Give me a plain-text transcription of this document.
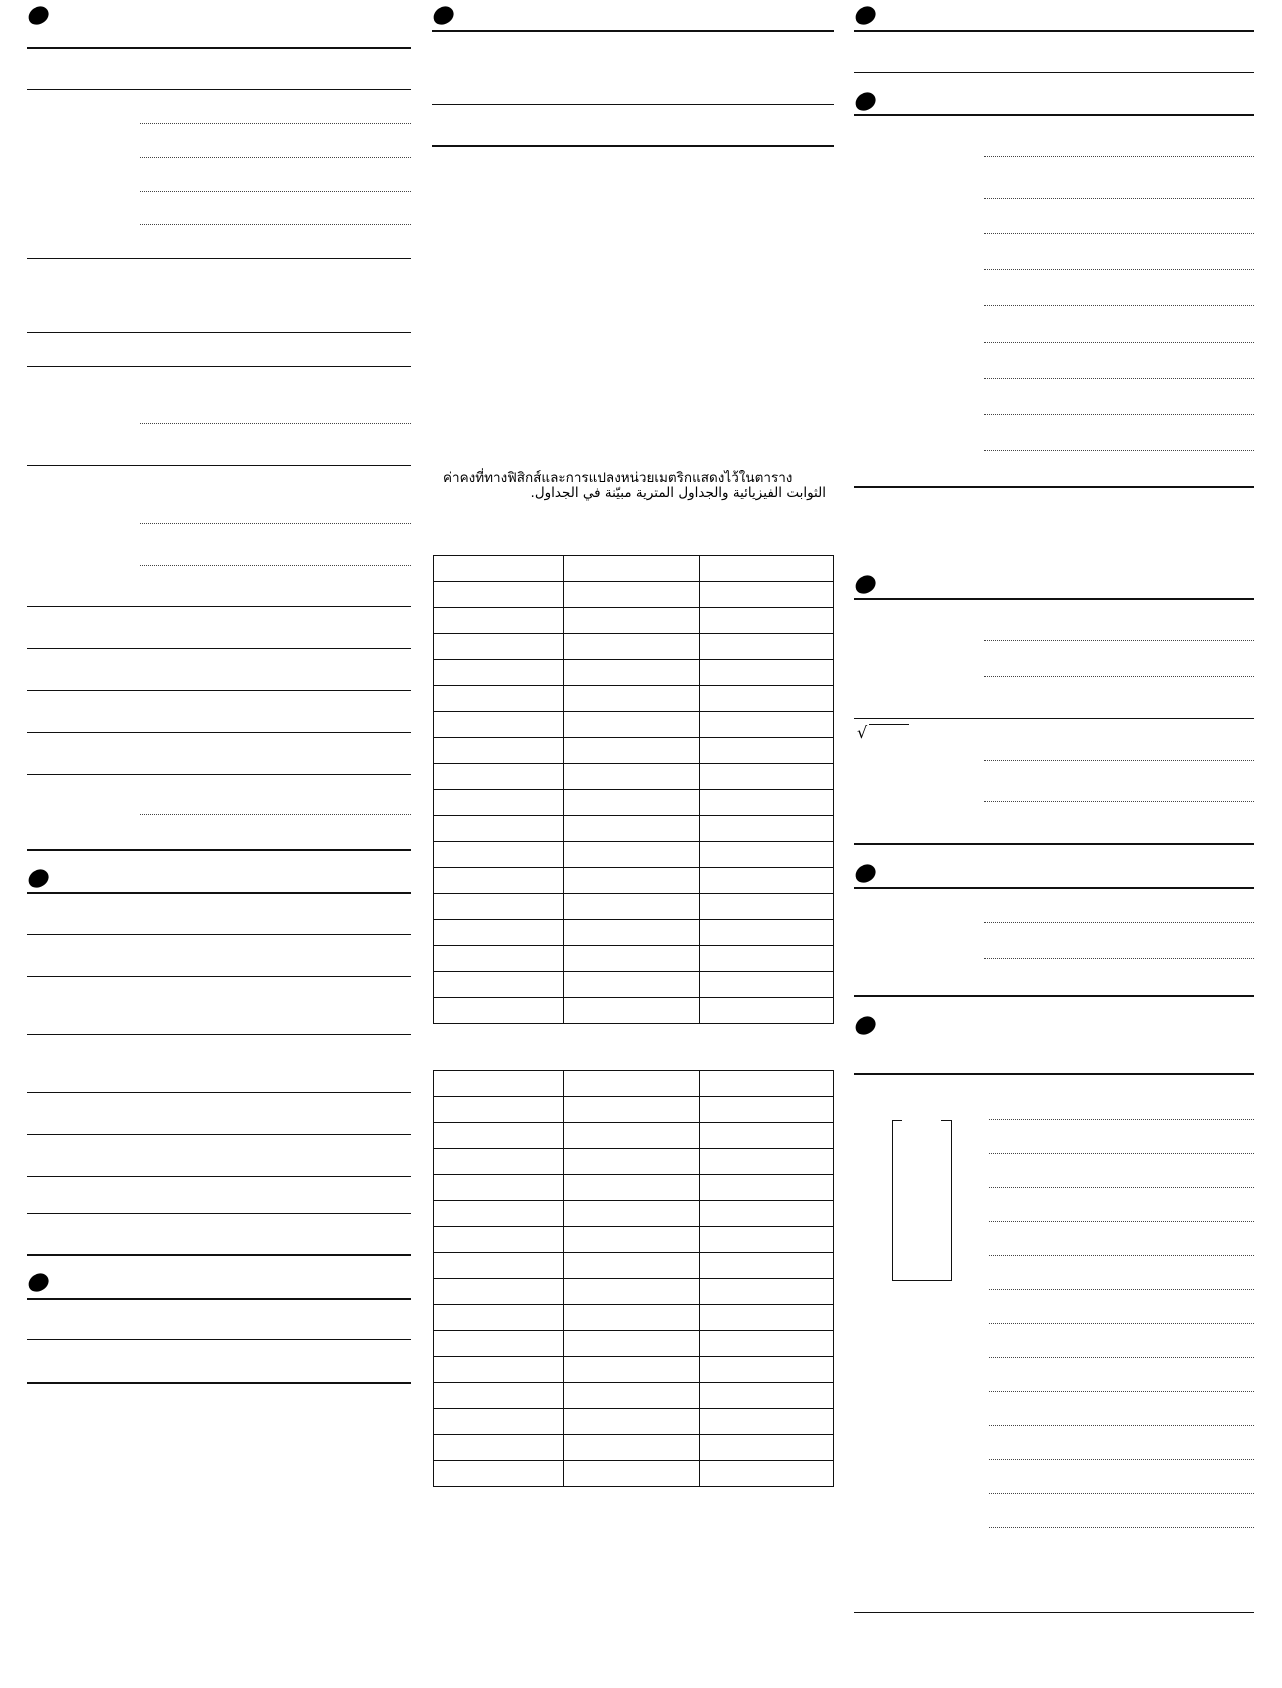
ค่าคงที่ทางฟิสิกส์และการแปลงหน่วยเมตริกแสดงไว้ในตาราง
الثوابت الفيزيائية والجداول المترية مبيّنة في الجداول.

√
